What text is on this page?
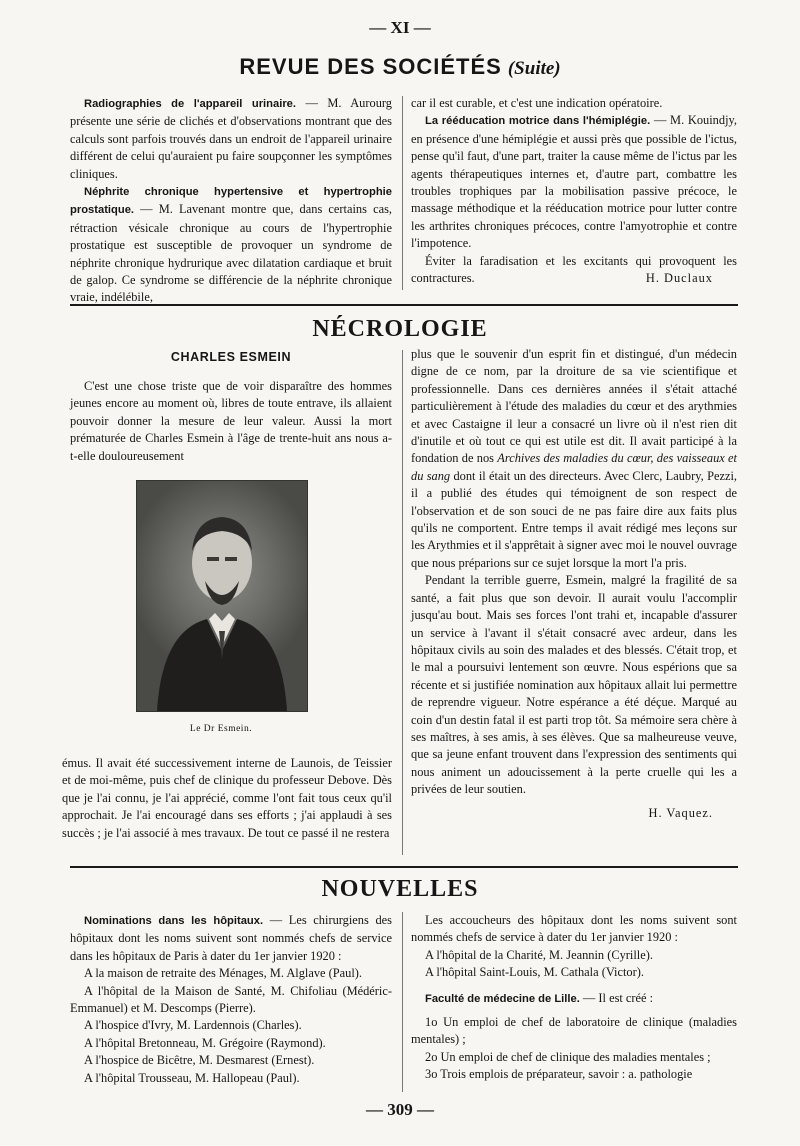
— XI —
REVUE DES SOCIÉTÉS (Suite)

Radiographies de l'appareil urinaire. — M. Aurourg présente une série de clichés et d'observations montrant que des calculs sont parfois trouvés dans un endroit de l'appareil urinaire différent de celui qu'auraient pu faire soupçonner les symptômes cliniques.

Néphrite chronique hypertensive et hypertrophie prostatique. — M. Lavenant montre que, dans certains cas, rétraction vésicale chronique au cours de l'hypertrophie prostatique est susceptible de provoquer un syndrome de néphrite chronique hydrurique avec dilatation cardiaque et bruit de galop. Ce syndrome se différencie de la néphrite chronique vraie, indélébile,

car il est curable, et c'est une indication opératoire.

La rééducation motrice dans l'hémiplégie. — M. Kouindjy, en présence d'une hémiplégie et aussi près que possible de l'ictus, pense qu'il faut, d'une part, traiter la cause même de l'ictus par les agents thérapeutiques internes et, d'autre part, combattre les troubles trophiques par la mobilisation passive précoce, le massage méthodique et la rééducation motrice pour lutter contre les arthrites chroniques précoces, contre l'amyotrophie et contre l'impotence.

Éviter la faradisation et les excitants qui provoquent les contractures.	H. Duclaux

NÉCROLOGIE
CHARLES ESMEIN

C'est une chose triste que de voir disparaître des hommes jeunes encore au moment où, libres de toute entrave, ils allaient pouvoir donner la mesure de leur valeur. Aussi la mort prématurée de Charles Esmein à l'âge de trente-huit ans nous a-t-elle douloureusement

Le Dr Esmein.

émus. Il avait été successivement interne de Launois, de Teissier et de moi-même, puis chef de clinique du professeur Debove. Dès que je l'ai connu, je l'ai apprécié, comme l'ont fait tous ceux qu'il approchait. Je l'ai encouragé dans ses efforts ; j'ai applaudi à ses succès ; je l'ai associé à mes travaux. De tout ce passé il ne restera

plus que le souvenir d'un esprit fin et distingué, d'un médecin digne de ce nom, par la droiture de sa vie scientifique et professionnelle. Dans ces dernières années il s'était attaché particulièrement à l'étude des maladies du cœur et des arythmies et avec Castaigne il leur a consacré un livre où il n'est rien dit d'inutile et où tout ce qui est utile est dit. Il avait participé à la fondation de nos Archives des maladies du cœur, des vaisseaux et du sang dont il était un des directeurs. Avec Clerc, Laubry, Pezzi, il a publié des études qui témoignent de son respect de l'observation et de son souci de ne pas faire dire aux faits plus qu'ils ne comportent. Entre temps il avait rédigé mes leçons sur les Arythmies et il s'apprêtait à signer avec moi le nouvel ouvrage que nous préparions sur ce sujet lorsque la mort l'a pris.

Pendant la terrible guerre, Esmein, malgré la fragilité de sa santé, a fait plus que son devoir. Il aurait voulu l'accomplir jusqu'au bout. Mais ses forces l'ont trahi et, incapable d'assurer un service à l'avant il s'était consacré avec ardeur, dans les hôpitaux civils au soin des malades et des blessés. C'était trop, et le mal a poursuivi lentement son œuvre. Nous espérions que sa récente et si justifiée nomination aux hôpitaux allait lui permettre de reprendre vigueur. Notre espérance a été déçue. Marqué au coin d'un destin fatal il est parti trop tôt. Sa mémoire sera chère à ses maîtres, à ses amis, à ses élèves. Que sa malheureuse veuve, que sa jeune enfant trouvent dans l'expression des sentiments qui nous animent un adoucissement à la perte cruelle qui les a privées de leur soutien.

H. Vaquez.

NOUVELLES

Nominations dans les hôpitaux. — Les chirurgiens des hôpitaux dont les noms suivent sont nommés chefs de service dans les hôpitaux de Paris à dater du 1er janvier 1920 :

A la maison de retraite des Ménages, M. Alglave (Paul).

A l'hôpital de la Maison de Santé, M. Chifoliau (Médéric-Emmanuel) et M. Descomps (Pierre).

A l'hospice d'Ivry, M. Lardennois (Charles).

A l'hôpital Bretonneau, M. Grégoire (Raymond).

A l'hospice de Bicêtre, M. Desmarest (Ernest).

A l'hôpital Trousseau, M. Hallopeau (Paul).

Les accoucheurs des hôpitaux dont les noms suivent sont nommés chefs de service à dater du 1er janvier 1920 :

A l'hôpital de la Charité, M. Jeannin (Cyrille).

A l'hôpital Saint-Louis, M. Cathala (Victor).

Faculté de médecine de Lille. — Il est créé :

1o Un emploi de chef de laboratoire de clinique (maladies mentales) ;

2o Un emploi de chef de clinique des maladies mentales ;

3o Trois emplois de préparateur, savoir : a. pathologie

— 309 —
